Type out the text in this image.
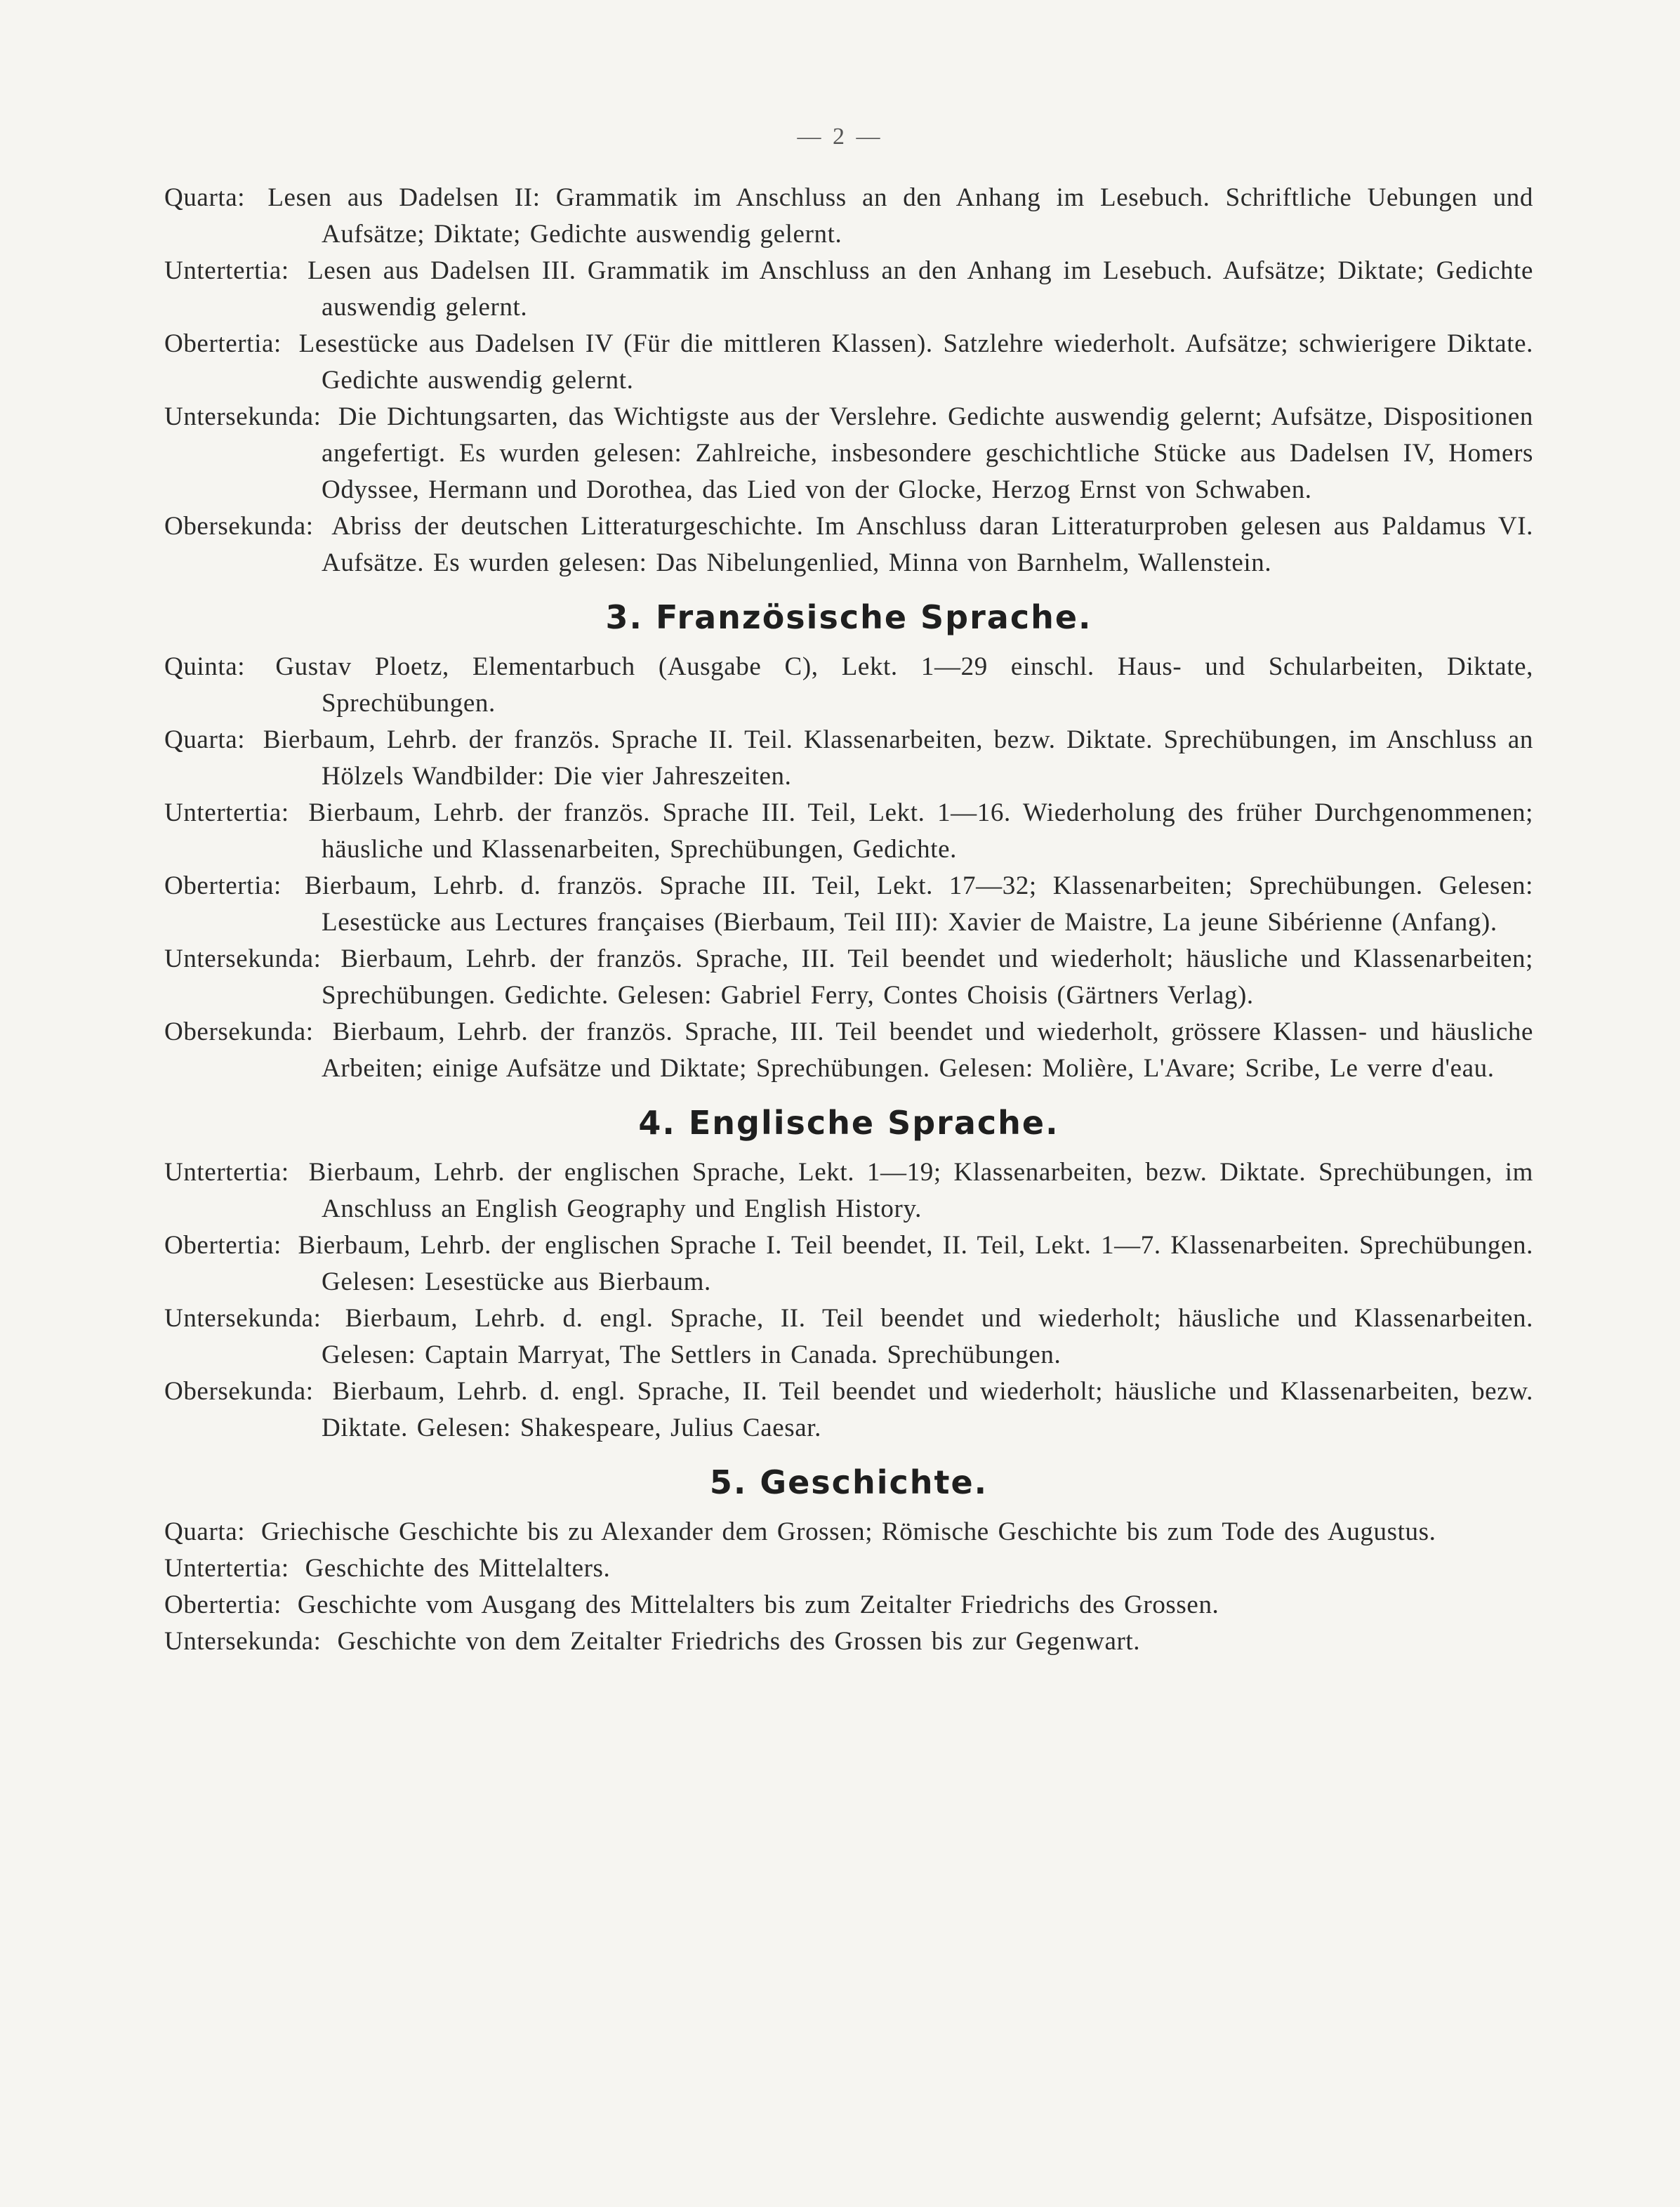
— 2 —

Quarta: Lesen aus Dadelsen II: Grammatik im Anschluss an den Anhang im Lesebuch. Schriftliche Uebungen und Aufsätze; Diktate; Gedichte auswendig gelernt.

Untertertia: Lesen aus Dadelsen III. Grammatik im Anschluss an den Anhang im Lesebuch. Aufsätze; Diktate; Gedichte auswendig gelernt.

Obertertia: Lesestücke aus Dadelsen IV (Für die mittleren Klassen). Satzlehre wiederholt. Aufsätze; schwierigere Diktate. Gedichte auswendig gelernt.

Untersekunda: Die Dichtungsarten, das Wichtigste aus der Verslehre. Gedichte auswendig gelernt; Aufsätze, Dispositionen angefertigt. Es wurden gelesen: Zahlreiche, insbesondere geschichtliche Stücke aus Dadelsen IV, Homers Odyssee, Hermann und Dorothea, das Lied von der Glocke, Herzog Ernst von Schwaben.

Obersekunda: Abriss der deutschen Litteraturgeschichte. Im Anschluss daran Litteraturproben gelesen aus Paldamus VI. Aufsätze. Es wurden gelesen: Das Nibelungenlied, Minna von Barnhelm, Wallenstein.

3. Französische Sprache.

Quinta: Gustav Ploetz, Elementarbuch (Ausgabe C), Lekt. 1—29 einschl. Haus- und Schularbeiten, Diktate, Sprechübungen.

Quarta: Bierbaum, Lehrb. der französ. Sprache II. Teil. Klassenarbeiten, bezw. Diktate. Sprechübungen, im Anschluss an Hölzels Wandbilder: Die vier Jahreszeiten.

Untertertia: Bierbaum, Lehrb. der französ. Sprache III. Teil, Lekt. 1—16. Wiederholung des früher Durchgenommenen; häusliche und Klassenarbeiten, Sprechübungen, Gedichte.

Obertertia: Bierbaum, Lehrb. d. französ. Sprache III. Teil, Lekt. 17—32; Klassenarbeiten; Sprechübungen. Gelesen: Lesestücke aus Lectures françaises (Bierbaum, Teil III): Xavier de Maistre, La jeune Sibérienne (Anfang).

Untersekunda: Bierbaum, Lehrb. der französ. Sprache, III. Teil beendet und wiederholt; häusliche und Klassenarbeiten; Sprechübungen. Gedichte. Gelesen: Gabriel Ferry, Contes Choisis (Gärtners Verlag).

Obersekunda: Bierbaum, Lehrb. der französ. Sprache, III. Teil beendet und wiederholt, grössere Klassen- und häusliche Arbeiten; einige Aufsätze und Diktate; Sprechübungen. Gelesen: Molière, L'Avare; Scribe, Le verre d'eau.

4. Englische Sprache.

Untertertia: Bierbaum, Lehrb. der englischen Sprache, Lekt. 1—19; Klassenarbeiten, bezw. Diktate. Sprechübungen, im Anschluss an English Geography und English History.

Obertertia: Bierbaum, Lehrb. der englischen Sprache I. Teil beendet, II. Teil, Lekt. 1—7. Klassenarbeiten. Sprechübungen. Gelesen: Lesestücke aus Bierbaum.

Untersekunda: Bierbaum, Lehrb. d. engl. Sprache, II. Teil beendet und wiederholt; häusliche und Klassenarbeiten. Gelesen: Captain Marryat, The Settlers in Canada. Sprechübungen.

Obersekunda: Bierbaum, Lehrb. d. engl. Sprache, II. Teil beendet und wiederholt; häusliche und Klassenarbeiten, bezw. Diktate. Gelesen: Shakespeare, Julius Caesar.

5. Geschichte.

Quarta: Griechische Geschichte bis zu Alexander dem Grossen; Römische Geschichte bis zum Tode des Augustus.

Untertertia: Geschichte des Mittelalters.

Obertertia: Geschichte vom Ausgang des Mittelalters bis zum Zeitalter Friedrichs des Grossen.

Untersekunda: Geschichte von dem Zeitalter Friedrichs des Grossen bis zur Gegenwart.
